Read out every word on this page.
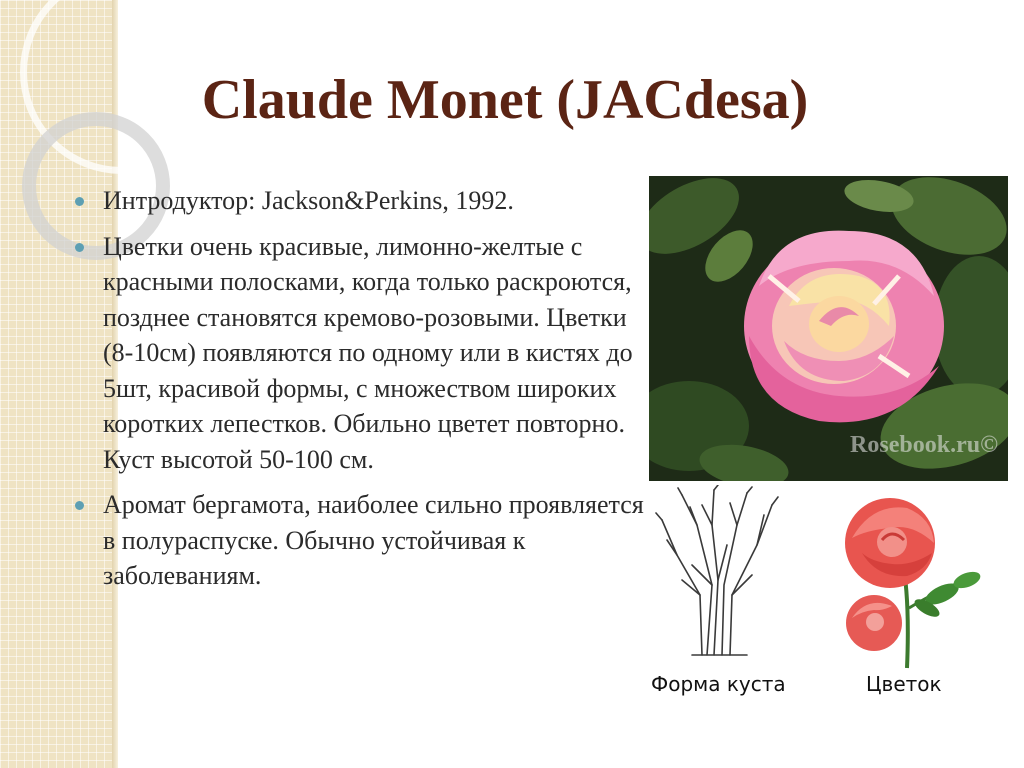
Claude Monet (JACdesa)
Интродуктор: Jackson&Perkins, 1992.
Цветки очень красивые, лимонно-желтые с красными полосками, когда только раскроются, позднее становятся кремово-розовыми. Цветки (8-10см) появляются по одному или в кистях до 5шт, красивой формы, с множеством широких коротких лепестков. Обильно цветет повторно. Куст высотой 50-100 см.
Аромат бергамота, наиболее сильно проявляется в полураспуске. Обычно устойчивая к заболеваниям.
Rosebook.ru©
Форма куста	Цветок
